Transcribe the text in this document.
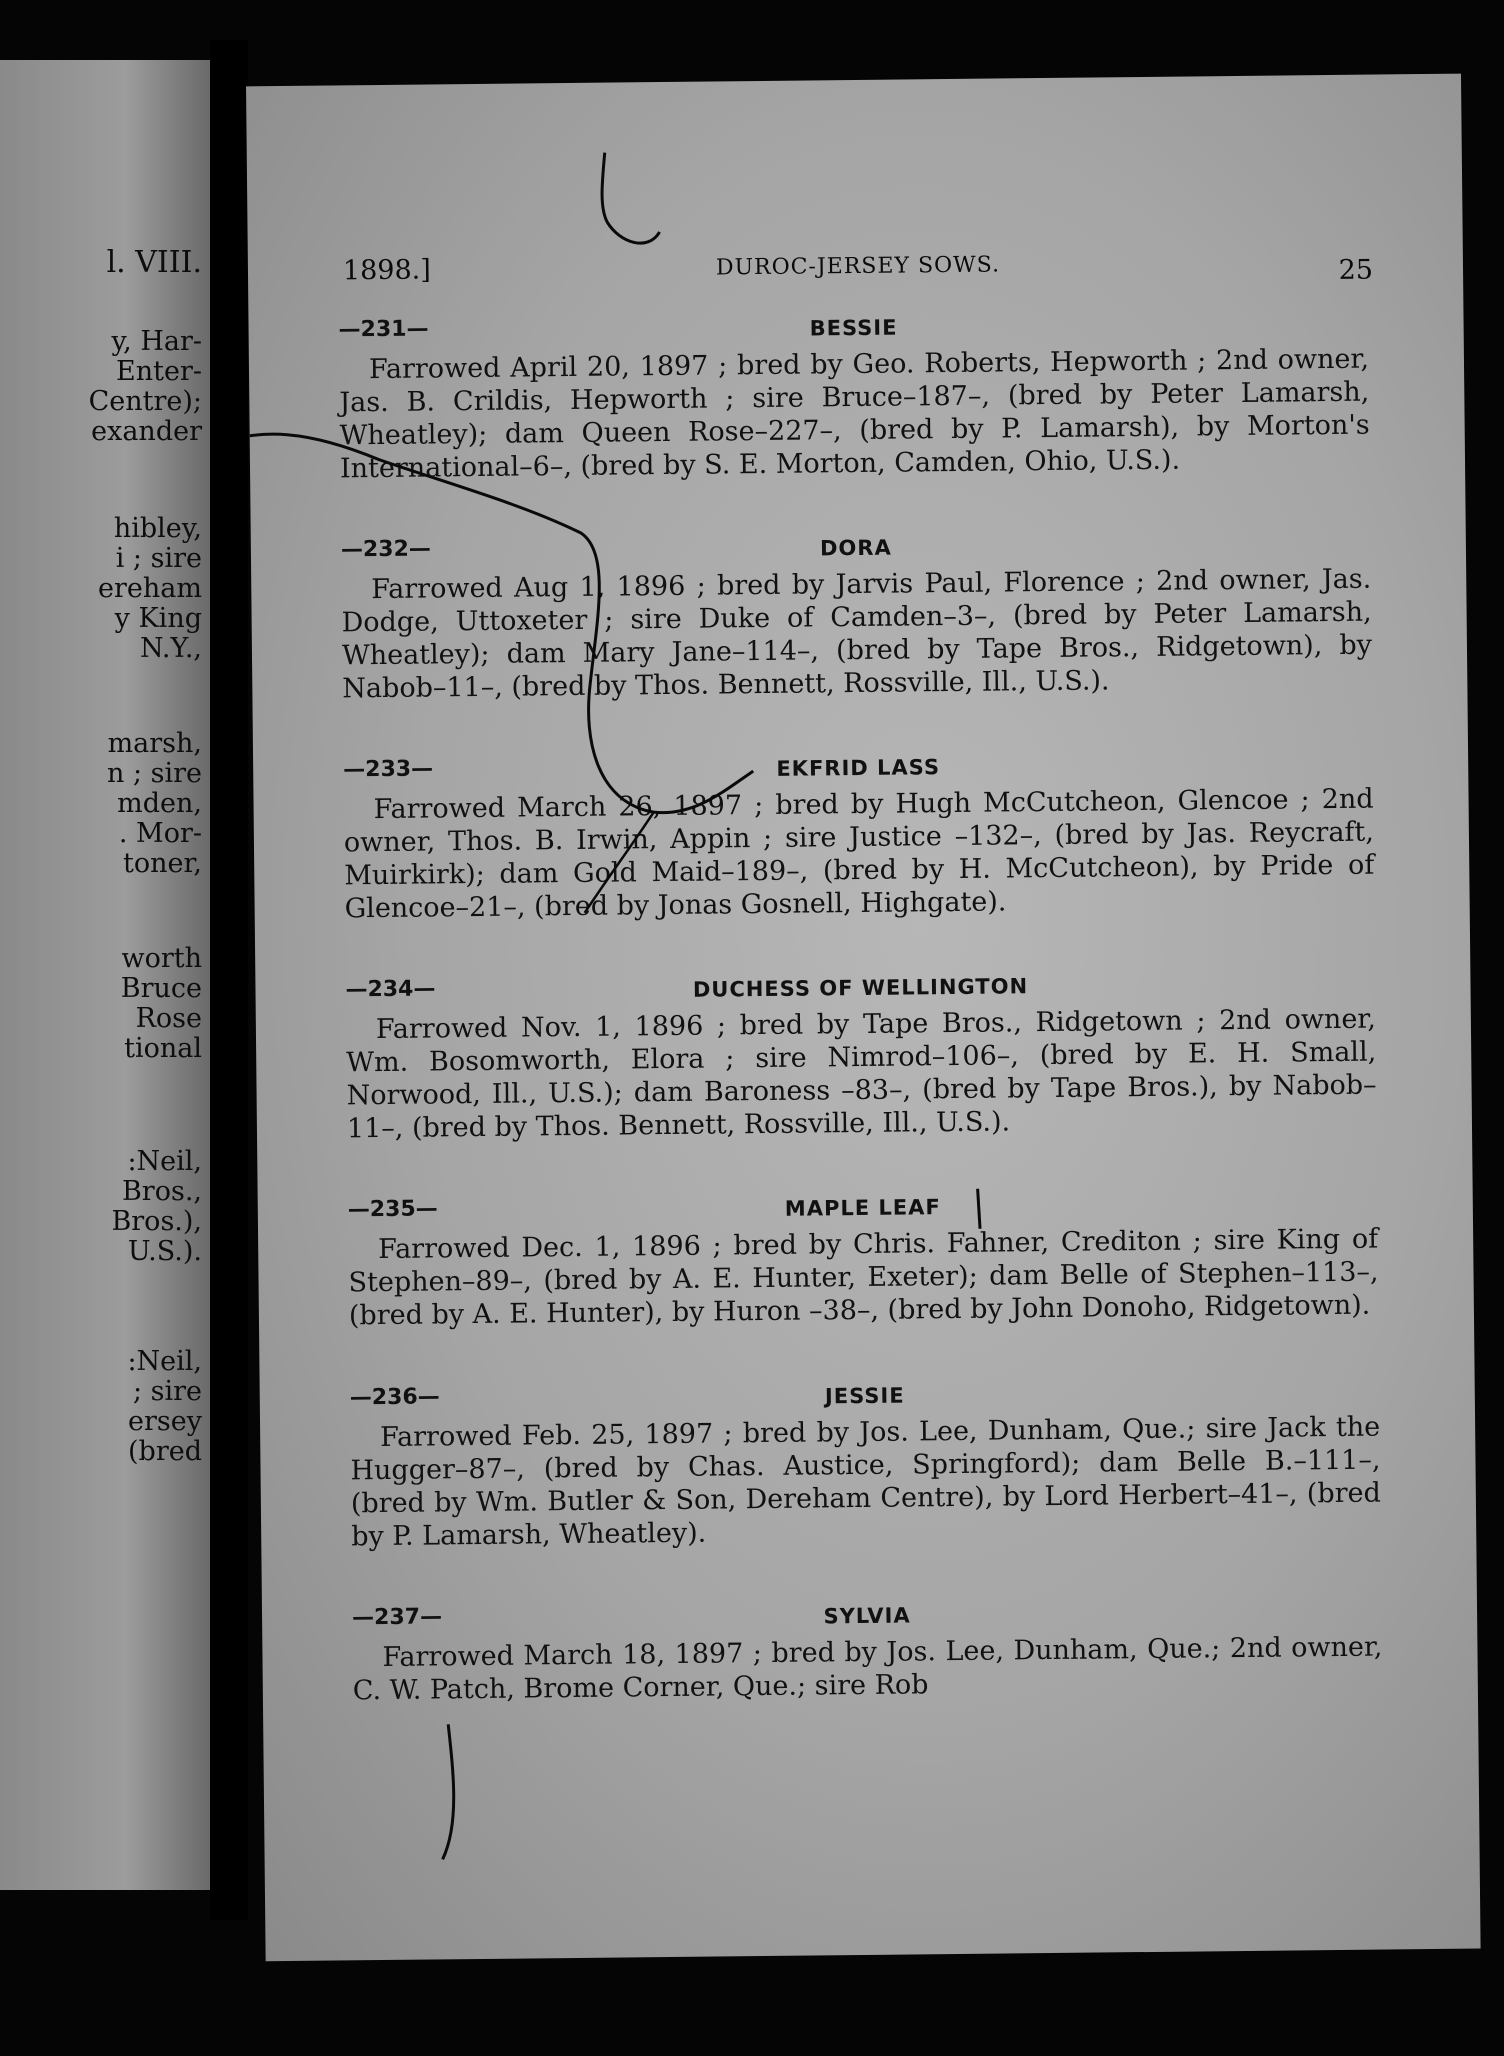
l. VIII.
y, Har-
Enter-
Centre);
exander
hibley,
i ; sire
ereham
y King
N.Y.,
marsh,
n ; sire
mden,
. Mor-
toner,
worth
Bruce
Rose
tional
:Neil,
Bros.,
Bros.),
U.S.).
:Neil,
; sire
ersey
(bred
1898.]	DUROC-JERSEY SOWS.	25
—231—	BESSIE

Farrowed April 20, 1897 ; bred by Geo. Roberts, Hepworth ; 2nd owner, Jas. B. Crildis, Hepworth ; sire Bruce–187–, (bred by Peter Lamarsh, Wheatley); dam Queen Rose–227–, (bred by P. Lamarsh), by Morton's International–6–, (bred by S. E. Morton, Camden, Ohio, U.S.).

—232—	DORA

Farrowed Aug 1, 1896 ; bred by Jarvis Paul, Florence ; 2nd owner, Jas. Dodge, Uttoxeter ; sire Duke of Camden–3–, (bred by Peter Lamarsh, Wheatley); dam Mary Jane–114–, (bred by Tape Bros., Ridgetown), by Nabob–11–, (bred by Thos. Bennett, Rossville, Ill., U.S.).

—233—	EKFRID LASS

Farrowed March 26, 1897 ; bred by Hugh McCutcheon, Glencoe ; 2nd owner, Thos. B. Irwin, Appin ; sire Justice –132–, (bred by Jas. Reycraft, Muirkirk); dam Gold Maid–189–, (bred by H. McCutcheon), by Pride of Glencoe–21–, (bred by Jonas Gosnell, Highgate).

—234—	DUCHESS OF WELLINGTON

Farrowed Nov. 1, 1896 ; bred by Tape Bros., Ridgetown ; 2nd owner, Wm. Bosomworth, Elora ; sire Nimrod–106–, (bred by E. H. Small, Norwood, Ill., U.S.); dam Baroness –83–, (bred by Tape Bros.), by Nabob–11–, (bred by Thos. Bennett, Rossville, Ill., U.S.).

—235—	MAPLE LEAF

Farrowed Dec. 1, 1896 ; bred by Chris. Fahner, Crediton ; sire King of Stephen–89–, (bred by A. E. Hunter, Exeter); dam Belle of Stephen–113–, (bred by A. E. Hunter), by Huron –38–, (bred by John Donoho, Ridgetown).

—236—	JESSIE

Farrowed Feb. 25, 1897 ; bred by Jos. Lee, Dunham, Que.; sire Jack the Hugger–87–, (bred by Chas. Austice, Springford); dam Belle B.–111–, (bred by Wm. Butler & Son, Dereham Centre), by Lord Herbert–41–, (bred by P. Lamarsh, Wheatley).

—237—	SYLVIA

Farrowed March 18, 1897 ; bred by Jos. Lee, Dunham, Que.; 2nd owner, C. W. Patch, Brome Corner, Que.; sire Rob
